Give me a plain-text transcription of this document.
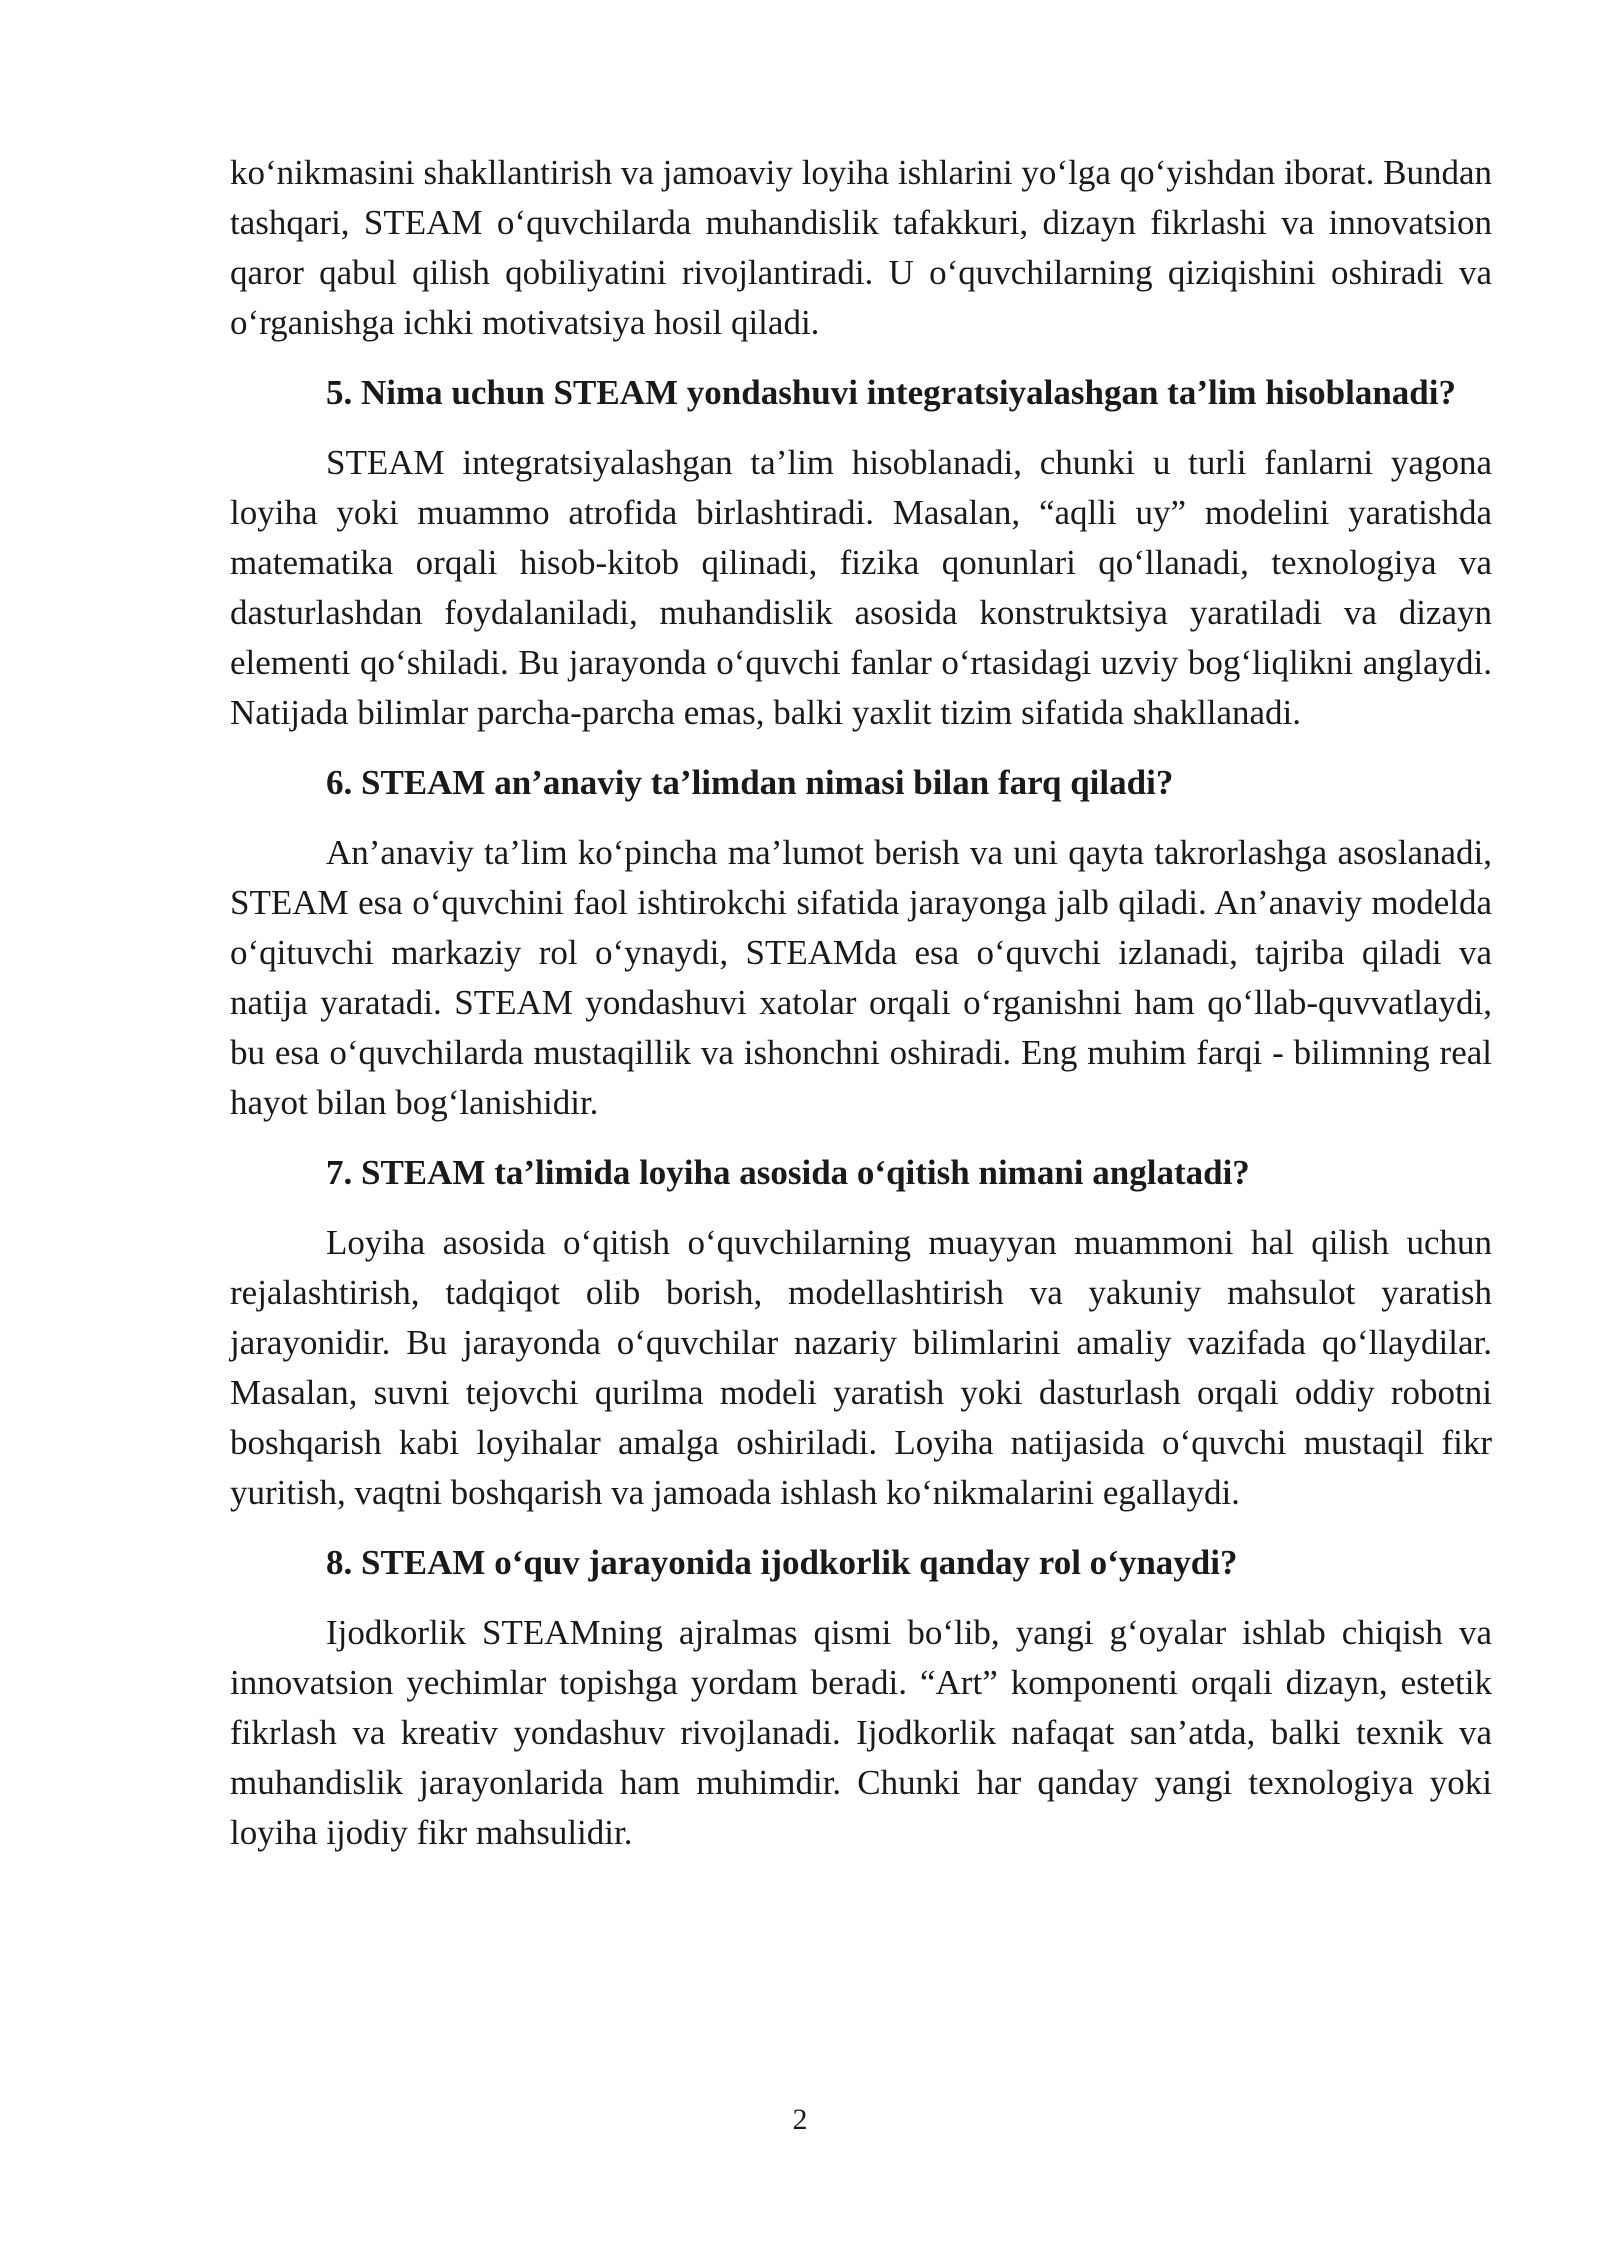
ko‘nikmasini shakllantirish va jamoaviy loyiha ishlarini yo‘lga qo‘yishdan iborat. Bundan tashqari, STEAM o‘quvchilarda muhandislik tafakkuri, dizayn fikrlashi va innovatsion qaror qabul qilish qobiliyatini rivojlantiradi. U o‘quvchilarning qiziqishini oshiradi va o‘rganishga ichki motivatsiya hosil qiladi.

5. Nima uchun STEAM yondashuvi integratsiyalashgan ta’lim hisoblanadi?

STEAM integratsiyalashgan ta’lim hisoblanadi, chunki u turli fanlarni yagona loyiha yoki muammo atrofida birlashtiradi. Masalan, “aqlli uy” modelini yaratishda matematika orqali hisob-kitob qilinadi, fizika qonunlari qo‘llanadi, texnologiya va dasturlashdan foydalaniladi, muhandislik asosida konstruktsiya yaratiladi va dizayn elementi qo‘shiladi. Bu jarayonda o‘quvchi fanlar o‘rtasidagi uzviy bog‘liqlikni anglaydi. Natijada bilimlar parcha-parcha emas, balki yaxlit tizim sifatida shakllanadi.

6. STEAM an’anaviy ta’limdan nimasi bilan farq qiladi?

An’anaviy ta’lim ko‘pincha ma’lumot berish va uni qayta takrorlashga asoslanadi, STEAM esa o‘quvchini faol ishtirokchi sifatida jarayonga jalb qiladi. An’anaviy modelda o‘qituvchi markaziy rol o‘ynaydi, STEAMda esa o‘quvchi izlanadi, tajriba qiladi va natija yaratadi. STEAM yondashuvi xatolar orqali o‘rganishni ham qo‘llab-quvvatlaydi, bu esa o‘quvchilarda mustaqillik va ishonchni oshiradi. Eng muhim farqi - bilimning real hayot bilan bog‘lanishidir.

7. STEAM ta’limida loyiha asosida o‘qitish nimani anglatadi?

Loyiha asosida o‘qitish o‘quvchilarning muayyan muammoni hal qilish uchun rejalashtirish, tadqiqot olib borish, modellashtirish va yakuniy mahsulot yaratish jarayonidir. Bu jarayonda o‘quvchilar nazariy bilimlarini amaliy vazifada qo‘llaydilar. Masalan, suvni tejovchi qurilma modeli yaratish yoki dasturlash orqali oddiy robotni boshqarish kabi loyihalar amalga oshiriladi. Loyiha natijasida o‘quvchi mustaqil fikr yuritish, vaqtni boshqarish va jamoada ishlash ko‘nikmalarini egallaydi.

8. STEAM o‘quv jarayonida ijodkorlik qanday rol o‘ynaydi?

Ijodkorlik STEAMning ajralmas qismi bo‘lib, yangi g‘oyalar ishlab chiqish va innovatsion yechimlar topishga yordam beradi. “Art” komponenti orqali dizayn, estetik fikrlash va kreativ yondashuv rivojlanadi. Ijodkorlik nafaqat san’atda, balki texnik va muhandislik jarayonlarida ham muhimdir. Chunki har qanday yangi texnologiya yoki loyiha ijodiy fikr mahsulidir.

2
